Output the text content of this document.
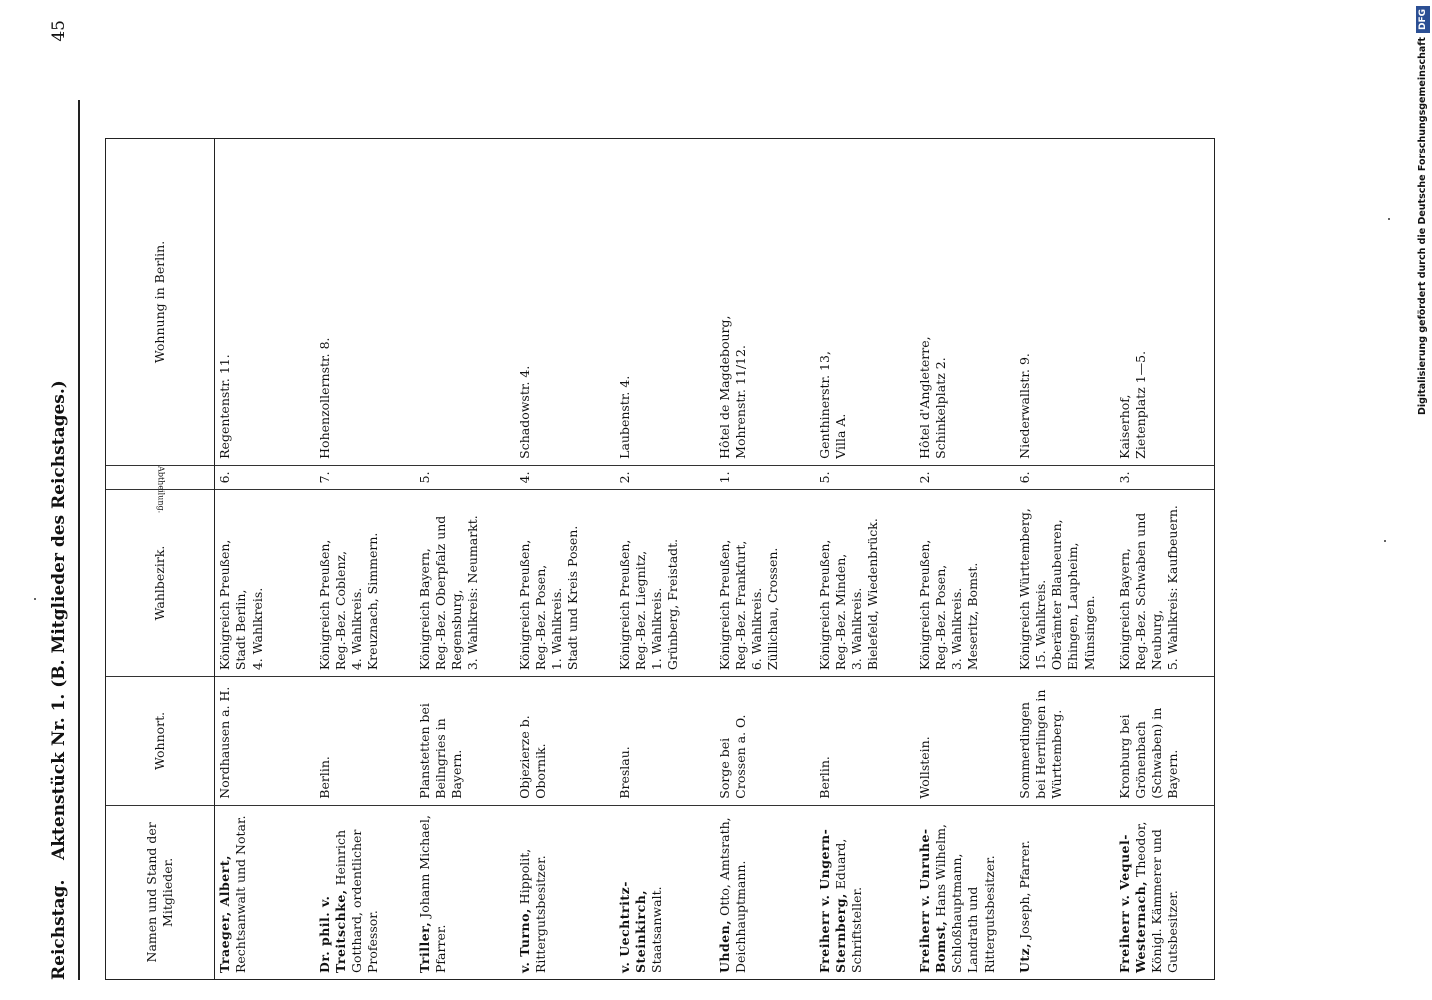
Reichstag.
Aktenstück Nr. 1. (B. Mitglieder des Reichstages.)
45
Namen und Stand der Mitglieder.	Wohnort.	Wahlbezirk.	Abtheilung.	Wohnung in Berlin.
Traeger, Albert, Rechtsanwalt und Notar.	Nordhausen a. H.	Königreich Preußen,
Stadt Berlin,
4. Wahlkreis.	6.	Regentenstr. 11.
Dr. phil. v. Treitschke, Heinrich Gotthard, ordentlicher Professor.	Berlin.	Königreich Preußen,
Reg.-Bez. Coblenz,
4. Wahlkreis.
Kreuznach, Simmern.	7.	Hohenzollernstr. 8.
Triller, Johann Michael, Pfarrer.	Planstetten bei Beilngries in Bayern.	Königreich Bayern,
Reg.-Bez. Oberpfalz und Regensburg,
3. Wahlkreis: Neumarkt.	5.	
v. Turno, Hippolit, Rittergutsbesitzer.	Objezierze b. Obornik.	Königreich Preußen,
Reg.-Bez. Posen,
1. Wahlkreis.
Stadt und Kreis Posen.	4.	Schadowstr. 4.
v. Uechtritz-Steinkirch, Staatsanwalt.	Breslau.	Königreich Preußen,
Reg.-Bez. Liegnitz,
1. Wahlkreis.
Grünberg, Freistadt.	2.	Laubenstr. 4.
Uhden, Otto, Amtsrath, Deichhauptmann.	Sorge bei Crossen a. O.	Königreich Preußen,
Reg.-Bez. Frankfurt,
6. Wahlkreis.
Züllichau, Crossen.	1.	Hôtel de Magdebourg,
Mohrenstr. 11/12.
Freiherr v. Ungern-Sternberg, Eduard, Schriftsteller.	Berlin.	Königreich Preußen,
Reg.-Bez. Minden,
3. Wahlkreis.
Bielefeld, Wiedenbrück.	5.	Genthinerstr. 13,
Villa A.
Freiherr v. Unruhe-Bomst, Hans Wilhelm, Schloßhauptmann, Landrath und Rittergutsbesitzer.	Wollstein.	Königreich Preußen,
Reg.-Bez. Posen,
3. Wahlkreis.
Meseritz, Bomst.	2.	Hôtel d'Angleterre,
Schinkelplatz 2.
Utz, Joseph, Pfarrer.	Sommerdingen bei Herrlingen in Württemberg.	Königreich Württemberg,
15. Wahlkreis.
Oberämter Blaubeuren, Ehingen, Laupheim, Münsingen.	6.	Niederwallstr. 9.
Freiherr v. Vequel-Westernach, Theodor, Königl. Kämmerer und Gutsbesitzer.	Kronburg bei Grönenbach (Schwaben) in Bayern.	Königreich Bayern,
Reg.-Bez. Schwaben und Neuburg,
5. Wahlkreis: Kaufbeuern.	3.	Kaiserhof,
Zietenplatz 1—5.	Digitalisierung gefördert durch die Deutsche ForschungsgemeinschaftDFG
